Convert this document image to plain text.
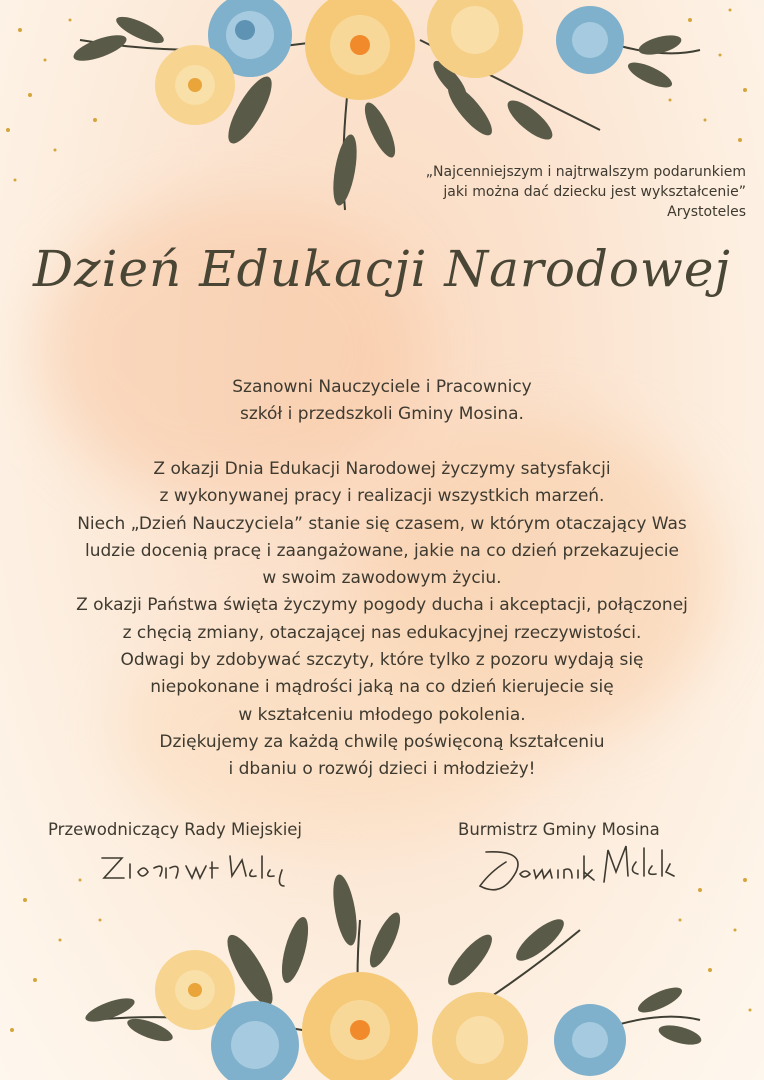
„Najcenniejszym i najtrwalszym podarunkiem
jaki można dać dziecku jest wykształcenie”
Arystoteles
Dzień Edukacji Narodowej
Szanowni Nauczyciele i Pracownicy
szkół i przedszkoli Gminy Mosina.
Z okazji Dnia Edukacji Narodowej życzymy satysfakcji
z wykonywanej pracy i realizacji wszystkich marzeń.
Niech „Dzień Nauczyciela” stanie się czasem, w którym otaczający Was
ludzie docenią pracę i zaangażowane, jakie na co dzień przekazujecie
w swoim zawodowym życiu.
Z okazji Państwa święta życzymy pogody ducha i akceptacji, połączonej
z chęcią zmiany, otaczającej nas edukacyjnej rzeczywistości.
Odwagi by zdobywać szczyty, które tylko z pozoru wydają się
niepokonane i mądrości jaką na co dzień kierujecie się
w kształceniu młodego pokolenia.
Dziękujemy za każdą chwilę poświęconą kształceniu
i dbaniu o rozwój dzieci i młodzieży!
Przewodniczący Rady Miejskiej	Burmistrz Gminy Mosina
